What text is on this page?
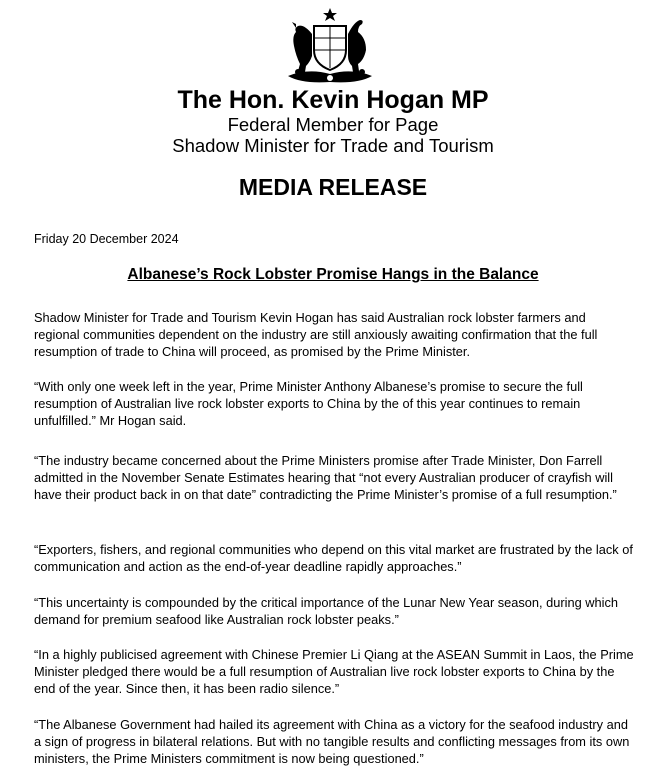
The Hon. Kevin Hogan MP
Federal Member for Page
Shadow Minister for Trade and Tourism
MEDIA RELEASE
Friday 20 December 2024
Albanese’s Rock Lobster Promise Hangs in the Balance

Shadow Minister for Trade and Tourism Kevin Hogan has said Australian rock lobster farmers and regional communities dependent on the industry are still anxiously awaiting confirmation that the full resumption of trade to China will proceed, as promised by the Prime Minister.

“With only one week left in the year, Prime Minister Anthony Albanese’s promise to secure the full resumption of Australian live rock lobster exports to China by the of this year continues to remain unfulfilled.” Mr Hogan said.

“The industry became concerned about the Prime Ministers promise after Trade Minister, Don Farrell admitted in the November Senate Estimates hearing that “not every Australian producer of crayfish will have their product back in on that date” contradicting the Prime Minister’s promise of a full resumption.”

“Exporters, fishers, and regional communities who depend on this vital market are frustrated by the lack of communication and action as the end-of-year deadline rapidly approaches.”

“This uncertainty is compounded by the critical importance of the Lunar New Year season, during which demand for premium seafood like Australian rock lobster peaks.”

“In a highly publicised agreement with Chinese Premier Li Qiang at the ASEAN Summit in Laos, the Prime Minister pledged there would be a full resumption of Australian live rock lobster exports to China by the end of the year. Since then, it has been radio silence.”

“The Albanese Government had hailed its agreement with China as a victory for the seafood industry and a sign of progress in bilateral relations. But with no tangible results and conflicting messages from its own ministers, the Prime Ministers commitment is now being questioned.”
